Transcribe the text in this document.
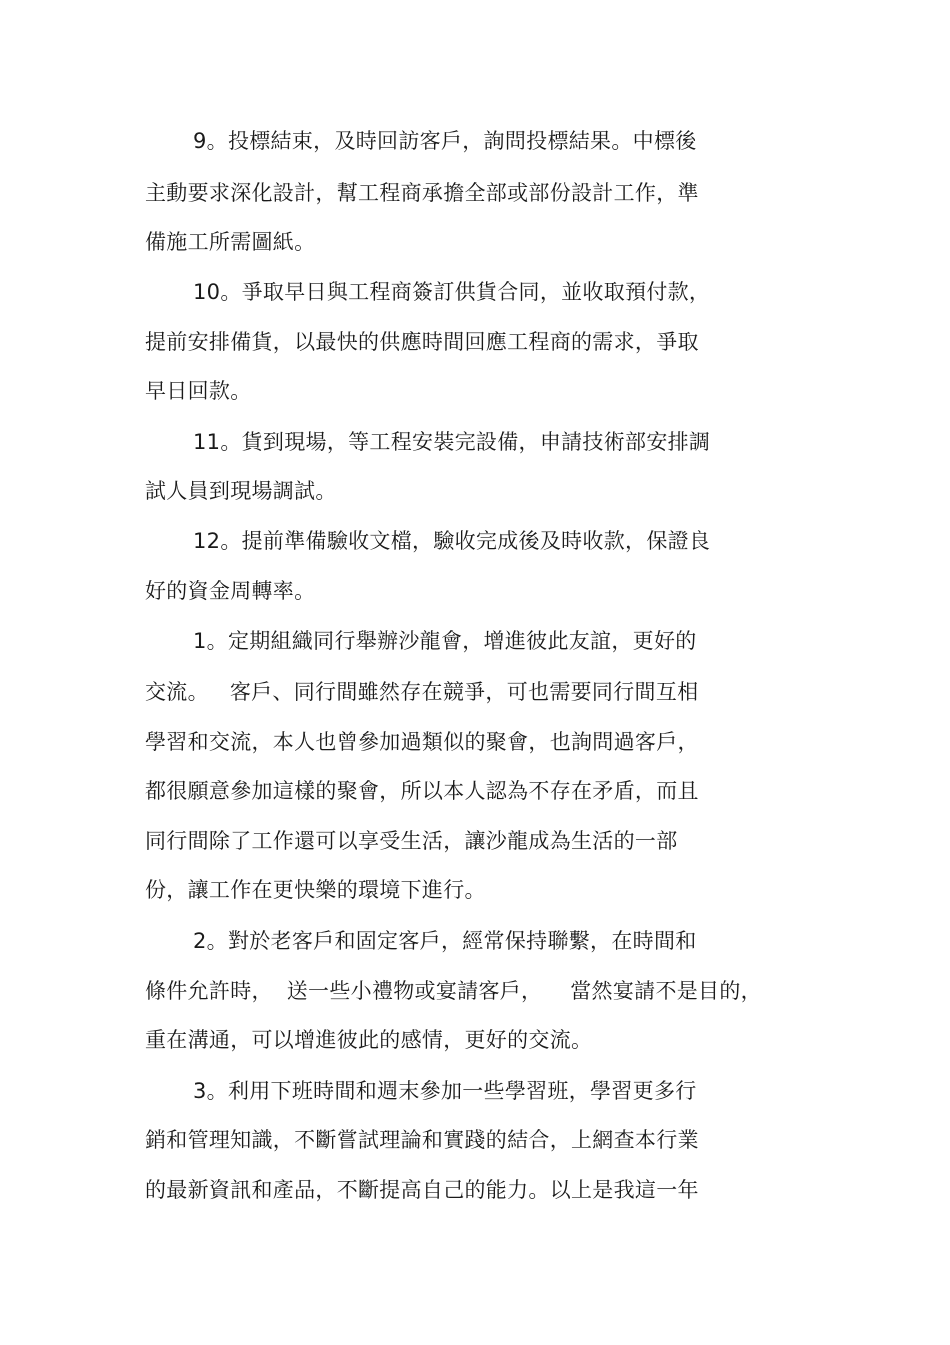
9。投標結束，及時回訪客戶，詢問投標結果。中標後

主動要求深化設計，幫工程商承擔全部或部份設計工作，準

備施工所需圖紙。

10。爭取早日與工程商簽訂供貨合同，並收取預付款，

提前安排備貨，以最快的供應時間回應工程商的需求，爭取

早日回款。

11。貨到現場，等工程安裝完設備，申請技術部安排調

試人員到現場調試。

12。提前準備驗收文檔，驗收完成後及時收款，保證良

好的資金周轉率。

1。定期組織同行舉辦沙龍會，增進彼此友誼，更好的

交流。   客戶、同行間雖然存在競爭，可也需要同行間互相

學習和交流，本人也曾參加過類似的聚會，也詢問過客戶，

都很願意參加這樣的聚會，所以本人認為不存在矛盾，而且

同行間除了工作還可以享受生活，讓沙龍成為生活的一部

份，讓工作在更快樂的環境下進行。

2。對於老客戶和固定客戶，經常保持聯繫，在時間和

條件允許時，  送一些小禮物或宴請客戶，    當然宴請不是目的，

重在溝通，可以增進彼此的感情，更好的交流。

3。利用下班時間和週末參加一些學習班，學習更多行

銷和管理知識，不斷嘗試理論和實踐的結合，上網查本行業

的最新資訊和產品，不斷提高自己的能力。以上是我這一年
